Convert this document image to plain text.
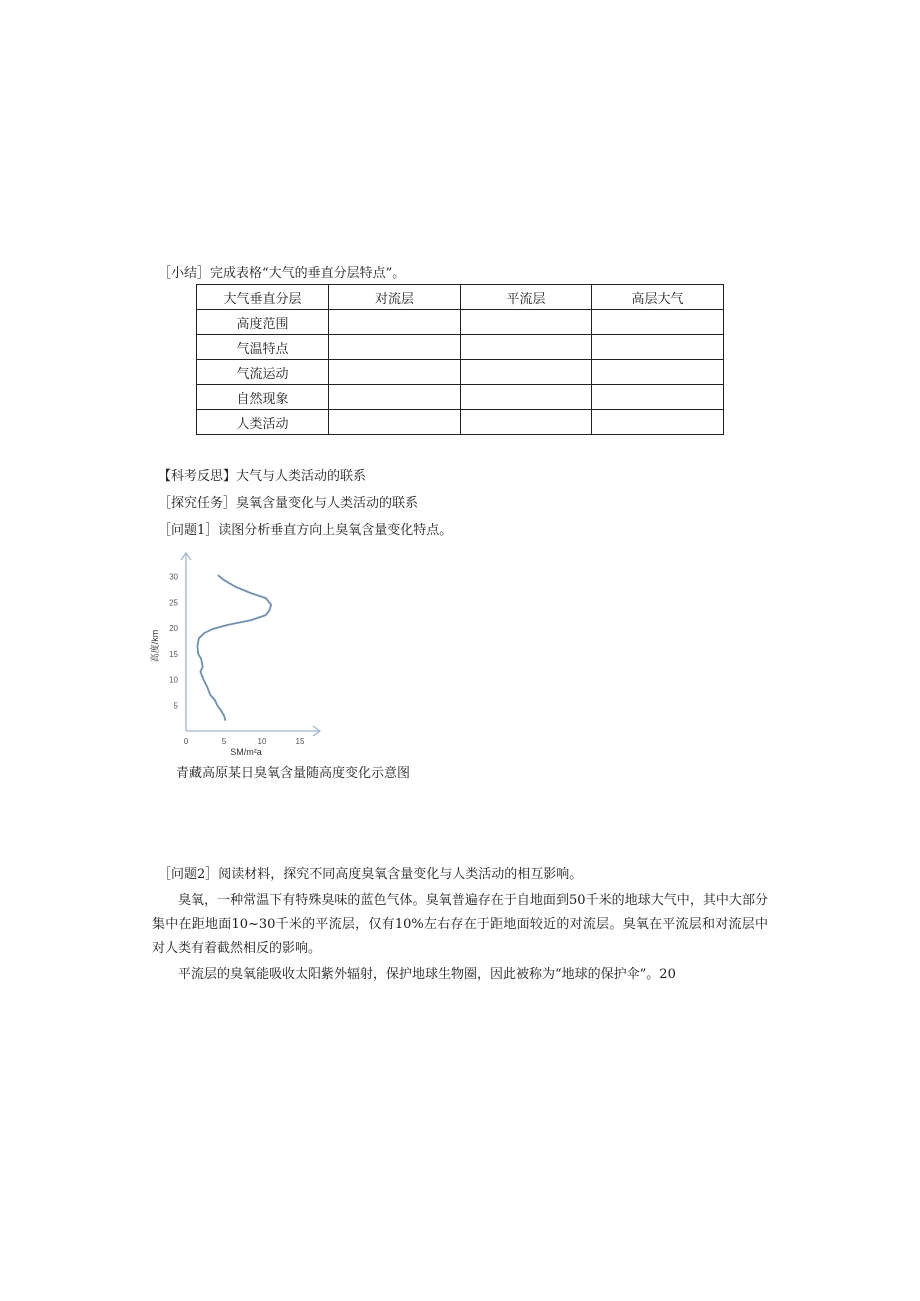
［小结］完成表格“大气的垂直分层特点”。
大气垂直分层	对流层	平流层	高层大气
高度范围			
气温特点			
气流运动			
自然现象			
人类活动			
【科考反思】大气与人类活动的联系
［探究任务］臭氧含量变化与人类活动的联系
［问题1］读图分析垂直方向上臭氧含量变化特点。
5
10
15
20
25
30
0	5	10	15
SM/m²a
高度/km
青藏高原某日臭氧含量随高度变化示意图
［问题2］阅读材料，探究不同高度臭氧含量变化与人类活动的相互影响。
臭氧，一种常温下有特殊臭味的蓝色气体。臭氧普遍存在于自地面到50千米的地球大气中，其中大部分集中在距地面10~30千米的平流层，仅有10%左右存在于距地面较近的对流层。臭氧在平流层和对流层中对人类有着截然相反的影响。
平流层的臭氧能吸收太阳紫外辐射，保护地球生物圈，因此被称为“地球的保护伞”。20
